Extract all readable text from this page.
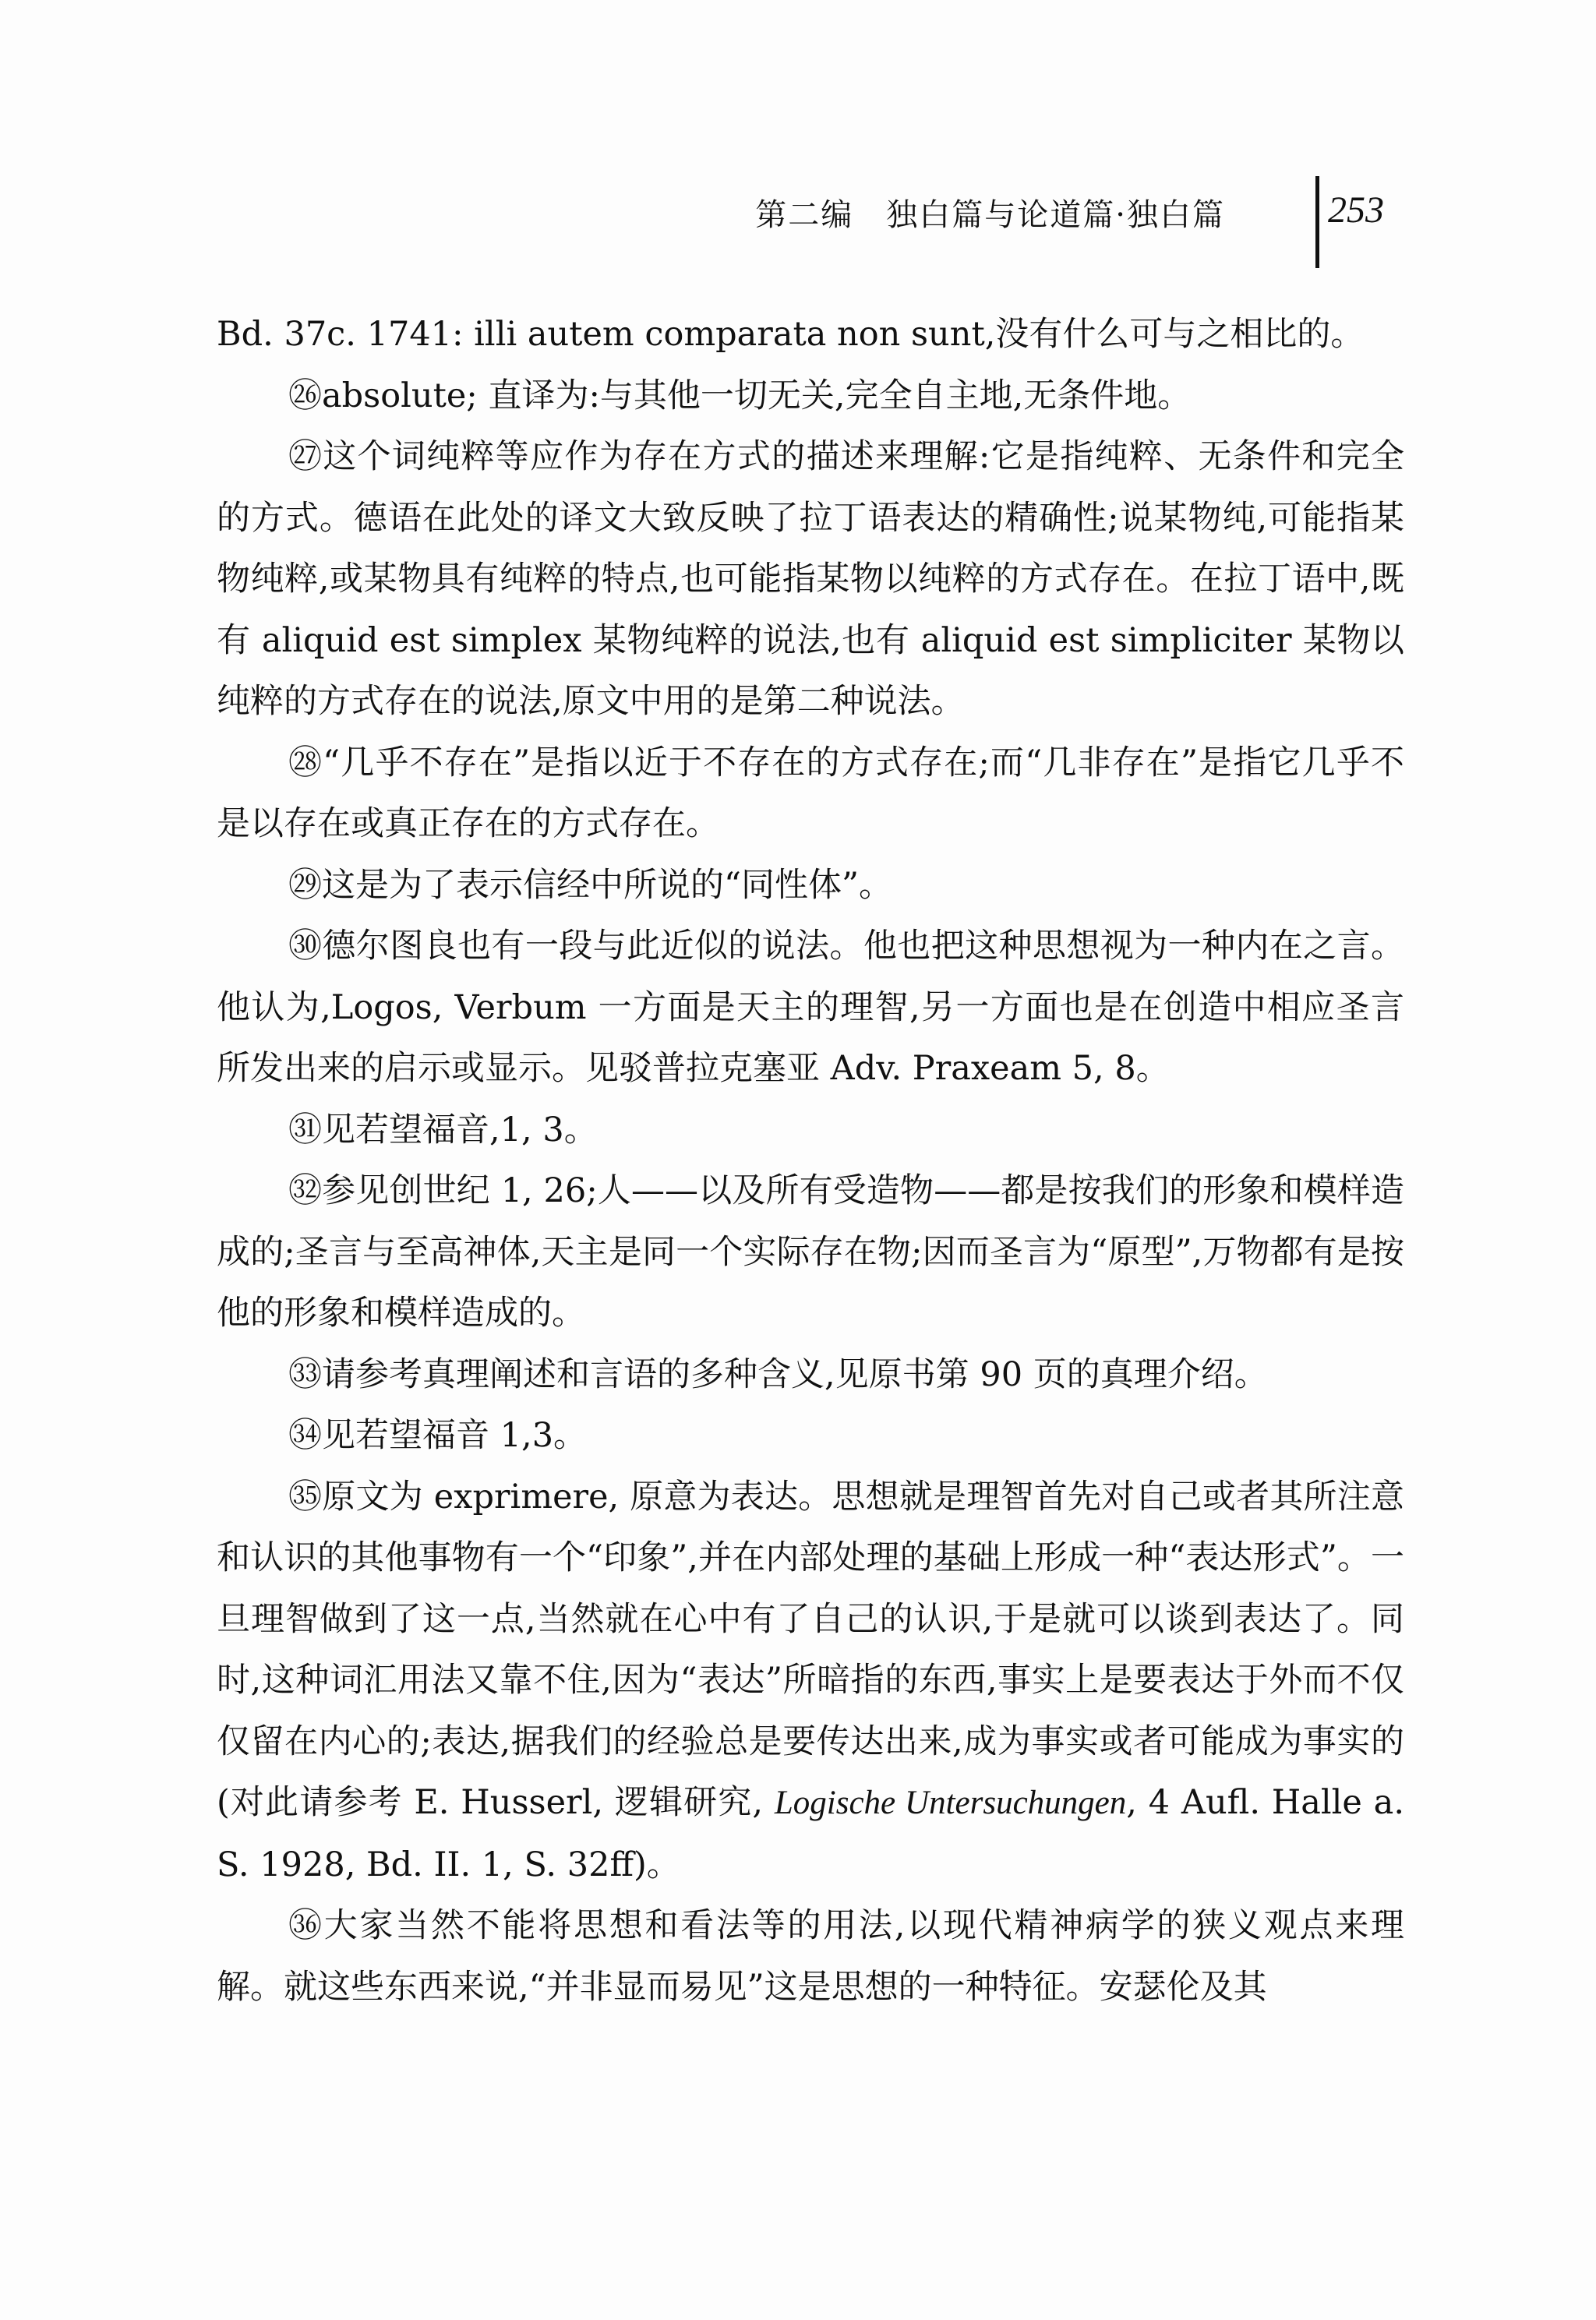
第二编　独白篇与论道篇·独白篇	253

Bd. 37c. 1741: illi autem comparata non sunt,没有什么可与之相比的。

㉖absolute; 直译为:与其他一切无关,完全自主地,无条件地。

㉗这个词纯粹等应作为存在方式的描述来理解:它是指纯粹、无条件和完全的方式。德语在此处的译文大致反映了拉丁语表达的精确性;说某物纯,可能指某物纯粹,或某物具有纯粹的特点,也可能指某物以纯粹的方式存在。在拉丁语中,既有 aliquid est simplex 某物纯粹的说法,也有 aliquid est simpliciter 某物以纯粹的方式存在的说法,原文中用的是第二种说法。

㉘“几乎不存在”是指以近于不存在的方式存在;而“几非存在”是指它几乎不是以存在或真正存在的方式存在。

㉙这是为了表示信经中所说的“同性体”。

㉚德尔图良也有一段与此近似的说法。他也把这种思想视为一种内在之言。他认为,Logos, Verbum 一方面是天主的理智,另一方面也是在创造中相应圣言所发出来的启示或显示。见驳普拉克塞亚 Adv. Praxeam 5, 8。

㉛见若望福音,1, 3。

㉜参见创世纪 1, 26;人——以及所有受造物——都是按我们的形象和模样造成的;圣言与至高神体,天主是同一个实际存在物;因而圣言为“原型”,万物都有是按他的形象和模样造成的。

㉝请参考真理阐述和言语的多种含义,见原书第 90 页的真理介绍。

㉞见若望福音 1,3。

㉟原文为 exprimere, 原意为表达。思想就是理智首先对自己或者其所注意和认识的其他事物有一个“印象”,并在内部处理的基础上形成一种“表达形式”。一旦理智做到了这一点,当然就在心中有了自己的认识,于是就可以谈到表达了。同时,这种词汇用法又靠不住,因为“表达”所暗指的东西,事实上是要表达于外而不仅仅留在内心的;表达,据我们的经验总是要传达出来,成为事实或者可能成为事实的(对此请参考 E. Husserl, 逻辑研究, Logische Untersuchungen, 4 Aufl. Halle a. S. 1928, Bd. II. 1, S. 32ff)。

㊱大家当然不能将思想和看法等的用法,以现代精神病学的狭义观点来理解。就这些东西来说,“并非显而易见”这是思想的一种特征。安瑟伦及其
